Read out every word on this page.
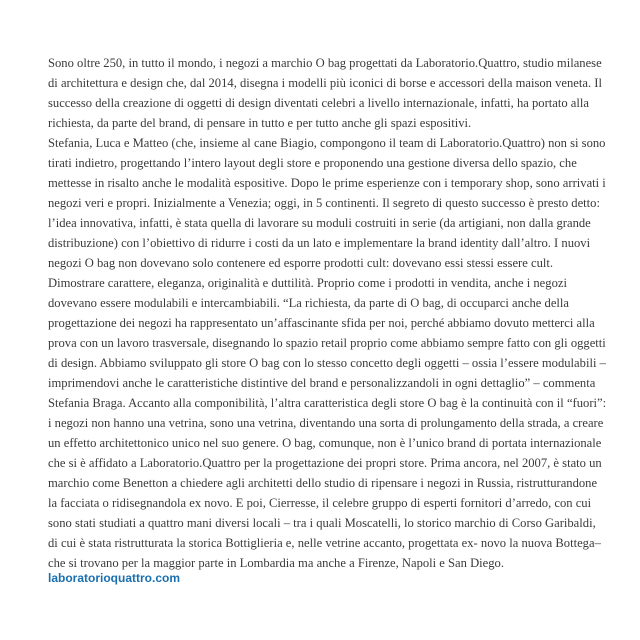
Sono oltre 250, in tutto il mondo, i negozi a marchio O bag progettati da Laboratorio.Quattro, studio milanese di architettura e design che, dal 2014, disegna i modelli più iconici di borse e accessori della maison veneta. Il successo della creazione di oggetti di design diventati celebri a livello internazionale, infatti, ha portato alla richiesta, da parte del brand, di pensare in tutto e per tutto anche gli spazi espositivi.

Stefania, Luca e Matteo (che, insieme al cane Biagio, compongono il team di Laboratorio.Quattro) non si sono tirati indietro, progettando l’intero layout degli store e proponendo una gestione diversa dello spazio, che mettesse in risalto anche le modalità espositive. Dopo le prime esperienze con i temporary shop, sono arrivati i negozi veri e propri. Inizialmente a Venezia; oggi, in 5 continenti. Il segreto di questo successo è presto detto: l’idea innovativa, infatti, è stata quella di lavorare su moduli costruiti in serie (da artigiani, non dalla grande distribuzione) con l’obiettivo di ridurre i costi da un lato e implementare la brand identity dall’altro. I nuovi negozi O bag non dovevano solo contenere ed esporre prodotti cult: dovevano essi stessi essere cult. Dimostrare carattere, eleganza, originalità e duttilità. Proprio come i prodotti in vendita, anche i negozi dovevano essere modulabili e intercambiabili. “La richiesta, da parte di O bag, di occuparci anche della progettazione dei negozi ha rappresentato un’affascinante sfida per noi, perché abbiamo dovuto metterci alla prova con un lavoro trasversale, disegnando lo spazio retail proprio come abbiamo sempre fatto con gli oggetti di design. Abbiamo sviluppato gli store O bag con lo stesso concetto degli oggetti – ossia l’essere modulabili – imprimendovi anche le caratteristiche distintive del brand e personalizzandoli in ogni dettaglio” – commenta Stefania Braga. Accanto alla componibilità, l’altra caratteristica degli store O bag è la continuità con il “fuori”: i negozi non hanno una vetrina, sono una vetrina, diventando una sorta di prolungamento della strada, a creare un effetto architettonico unico nel suo genere. O bag, comunque, non è l’unico brand di portata internazionale che si è affidato a Laboratorio.Quattro per la progettazione dei propri store. Prima ancora, nel 2007, è stato un marchio come Benetton a chiedere agli architetti dello studio di ripensare i negozi in Russia, ristrutturandone la facciata o ridisegnandola ex novo. E poi, Cierresse, il celebre gruppo di esperti fornitori d’arredo, con cui sono stati studiati a quattro mani diversi locali – tra i quali Moscatelli, lo storico marchio di Corso Garibaldi, di cui è stata ristrutturata la storica Bottiglieria e, nelle vetrine accanto, progettata ex- novo la nuova Bottega– che si trovano per la maggior parte in Lombardia ma anche a Firenze, Napoli e San Diego.

laboratorioquattro.com
